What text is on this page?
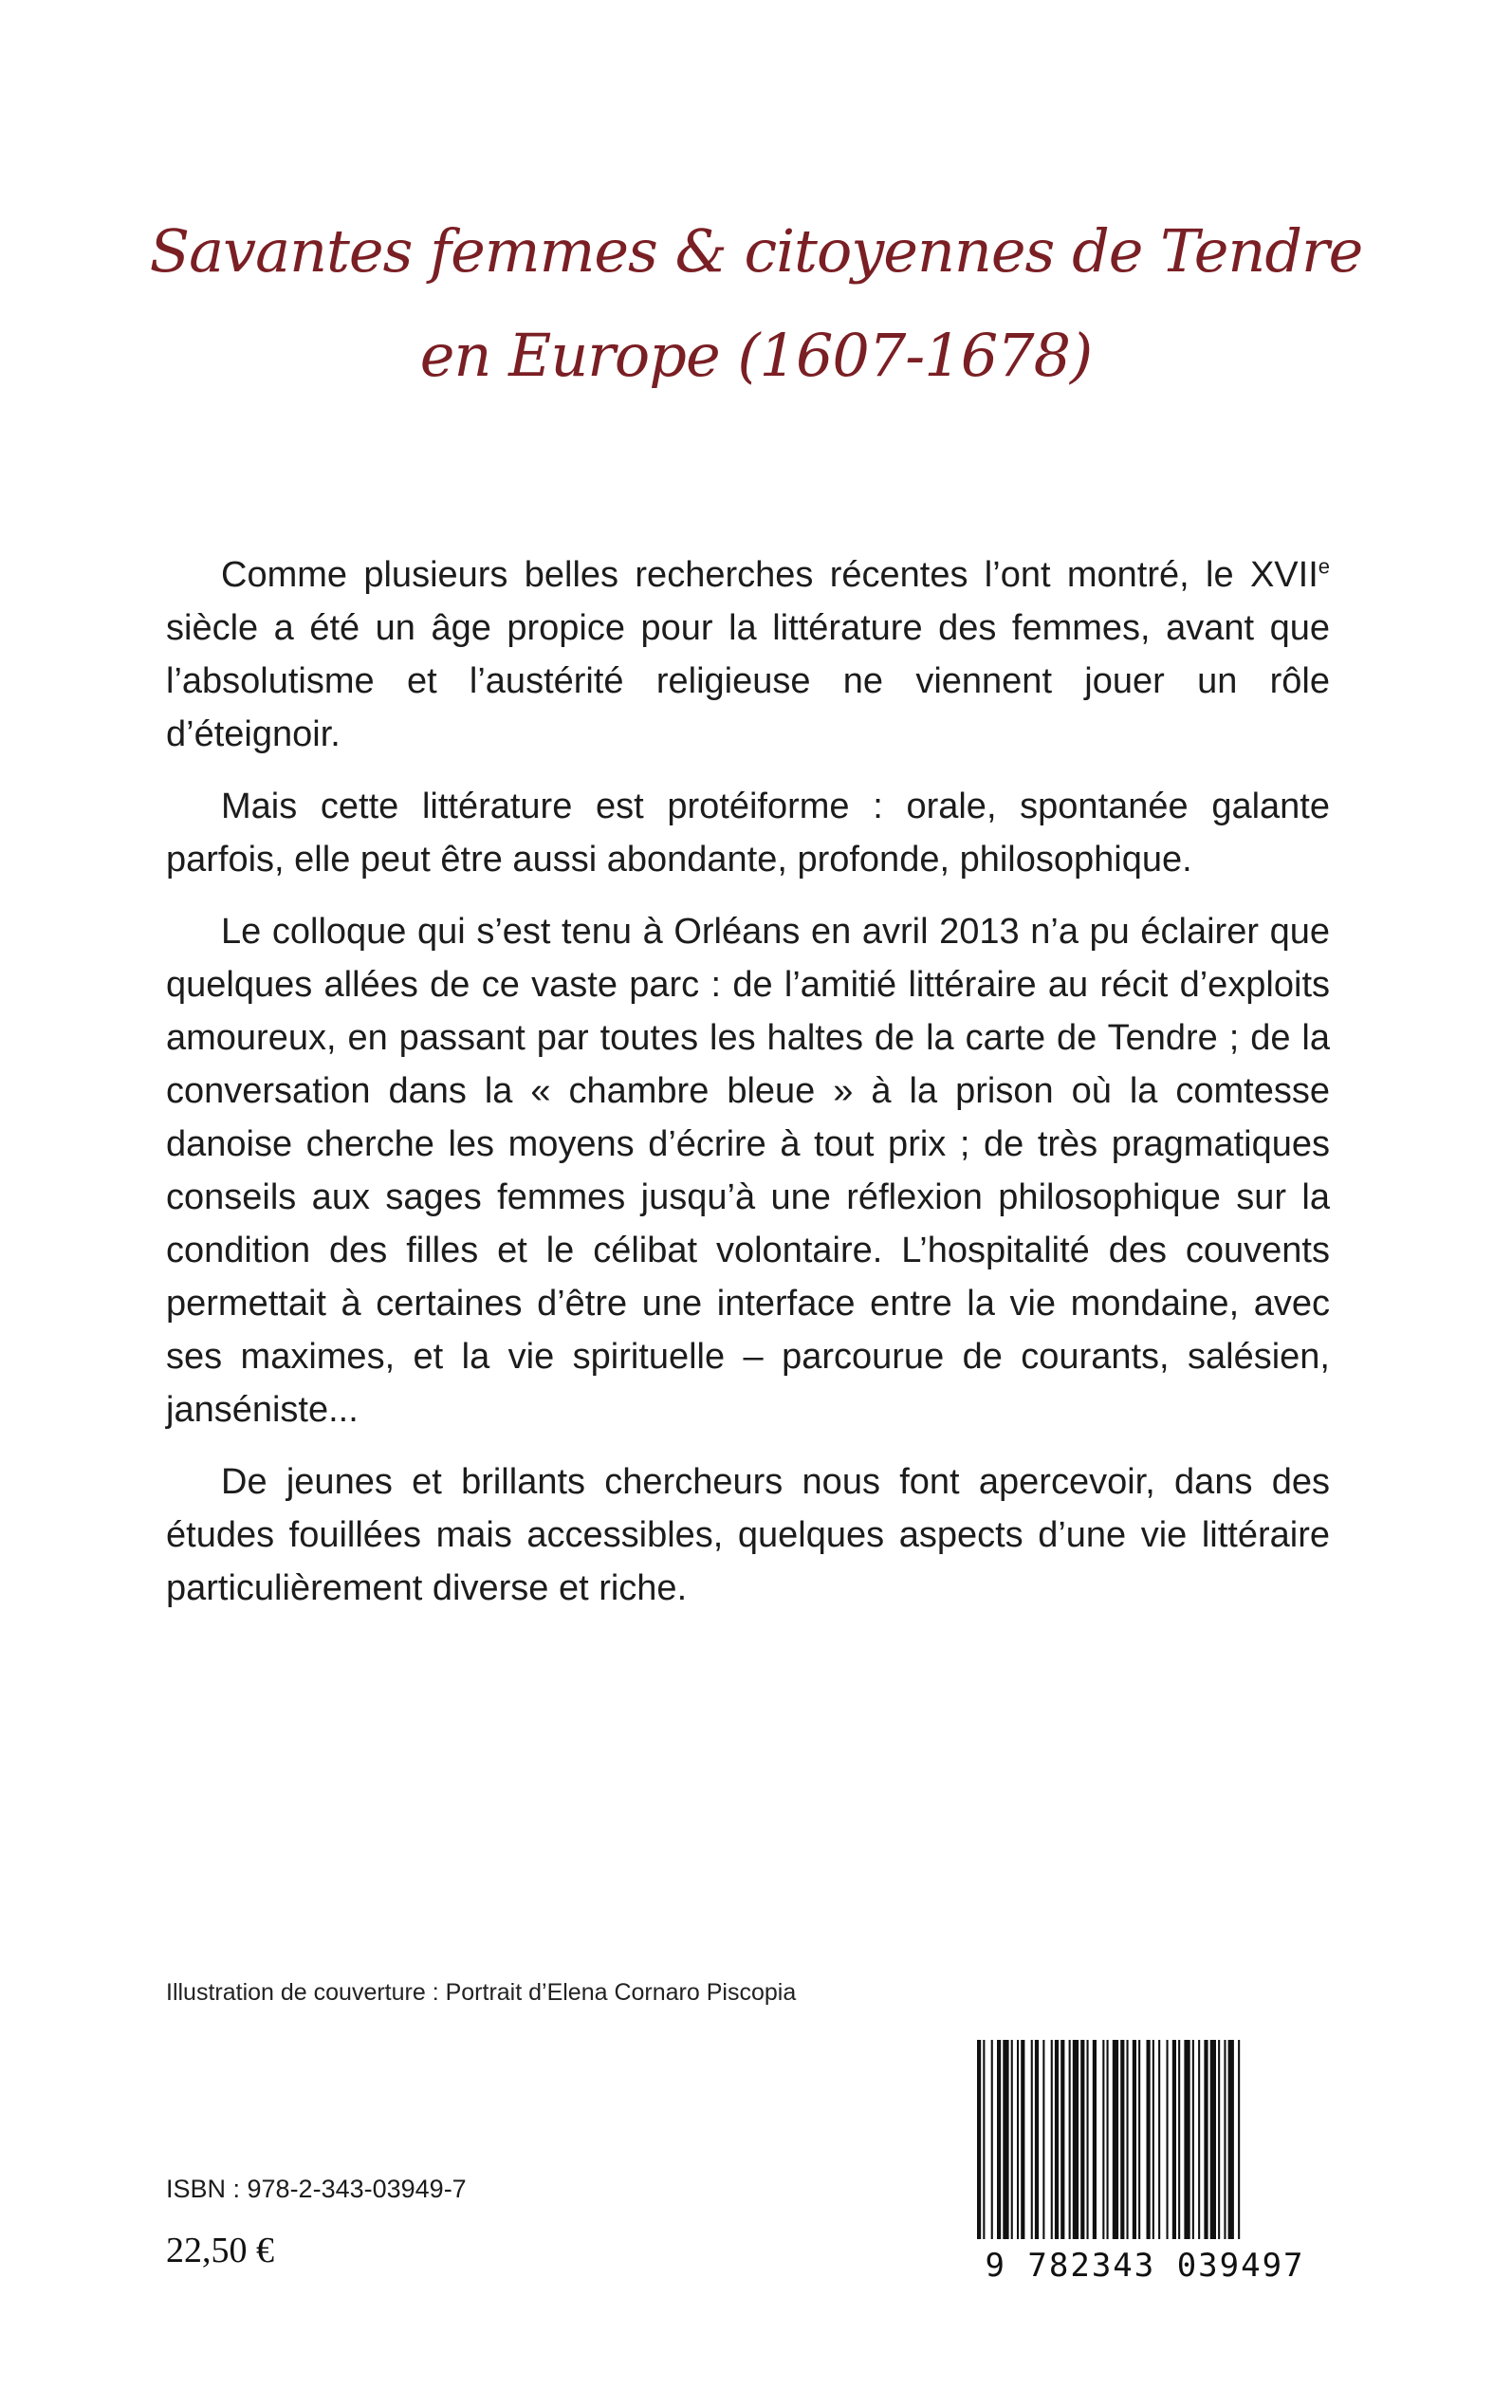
Savantes femmes & citoyennes de Tendre
en Europe (1607-1678)

Comme plusieurs belles recherches récentes l’ont montré, le XVIIe siècle a été un âge propice pour la littérature des femmes, avant que l’absolutisme et l’austérité religieuse ne viennent jouer un rôle d’éteignoir.

Mais cette littérature est protéiforme : orale, spontanée galante parfois, elle peut être aussi abondante, profonde, philosophique.

Le colloque qui s’est tenu à Orléans en avril 2013 n’a pu éclairer que quelques allées de ce vaste parc : de l’amitié littéraire au récit d’exploits amoureux, en passant par toutes les haltes de la carte de Tendre ; de la conversation dans la « chambre bleue » à la prison où la comtesse danoise cherche les moyens d’écrire à tout prix ; de très pragmatiques conseils aux sages femmes jusqu’à une réflexion philosophique sur la condition des filles et le célibat volontaire. L’hospitalité des couvents permettait à certaines d’être une interface entre la vie mondaine, avec ses maximes, et la vie spirituelle – parcourue de courants, salésien, janséniste...

De jeunes et brillants chercheurs nous font apercevoir, dans des études fouillées mais accessibles, quelques aspects d’une vie littéraire particulièrement diverse et riche.

Illustration de couverture : Portrait d’Elena Cornaro Piscopia
ISBN : 978-2-343-03949-7
22,50 €	9 782343 039497
